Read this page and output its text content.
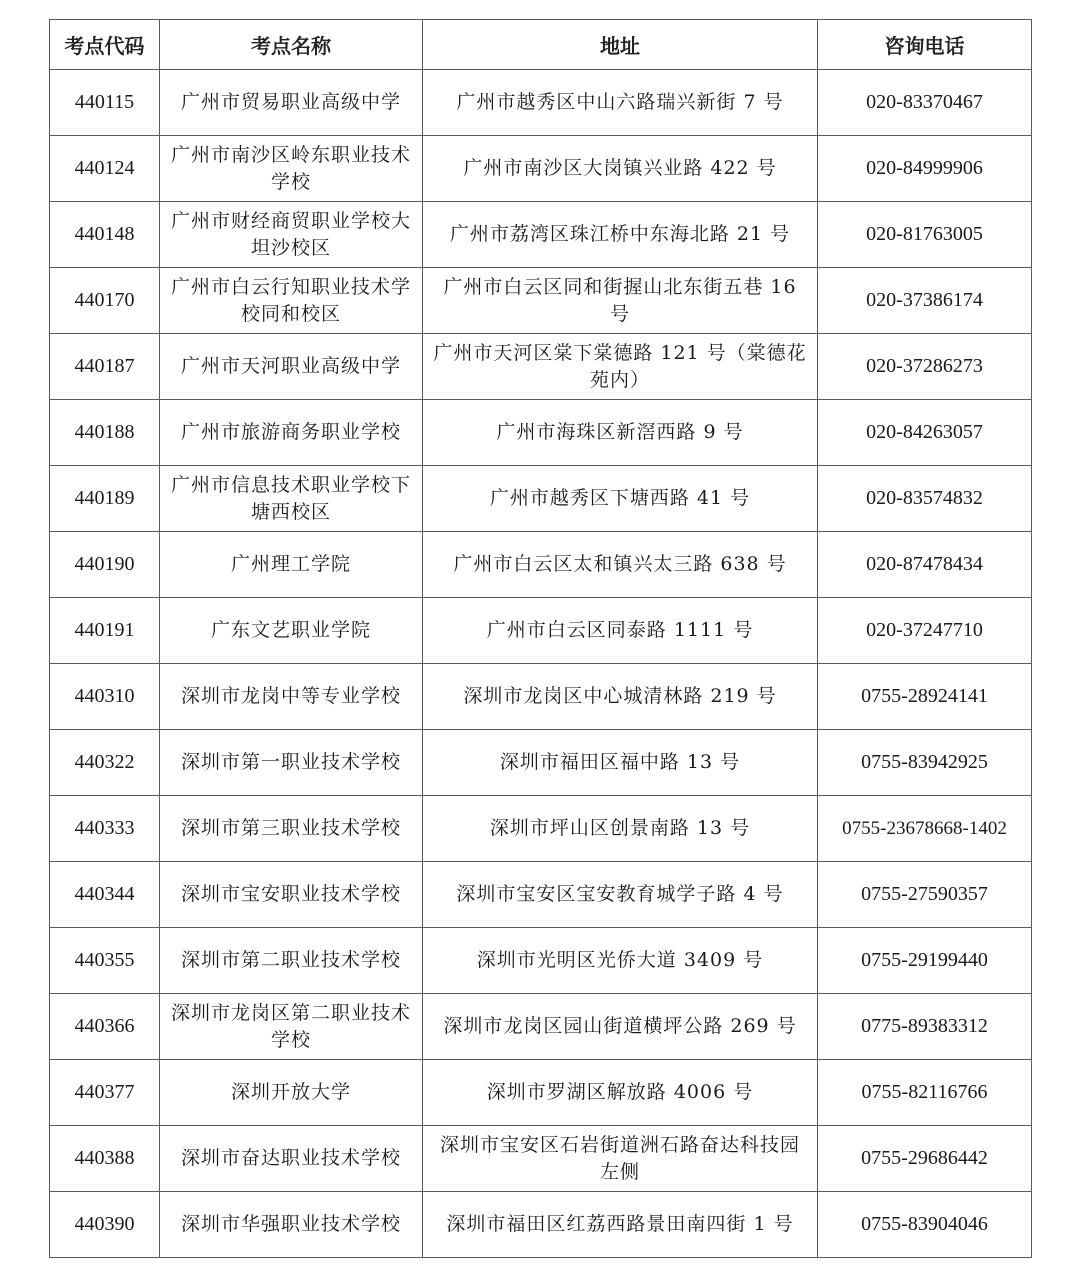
考点代码	考点名称	地址	咨询电话
440115	广州市贸易职业高级中学	广州市越秀区中山六路瑞兴新街 7 号	020-83370467
440124	广州市南沙区岭东职业技术学校	广州市南沙区大岗镇兴业路 422 号	020-84999906
440148	广州市财经商贸职业学校大坦沙校区	广州市荔湾区珠江桥中东海北路 21 号	020-81763005
440170	广州市白云行知职业技术学校同和校区	广州市白云区同和街握山北东街五巷 16 号	020-37386174
440187	广州市天河职业高级中学	广州市天河区棠下棠德路 121 号（棠德花苑内）	020-37286273
440188	广州市旅游商务职业学校	广州市海珠区新滘西路 9 号	020-84263057
440189	广州市信息技术职业学校下塘西校区	广州市越秀区下塘西路 41 号	020-83574832
440190	广州理工学院	广州市白云区太和镇兴太三路 638 号	020-87478434
440191	广东文艺职业学院	广州市白云区同泰路 1111 号	020-37247710
440310	深圳市龙岗中等专业学校	深圳市龙岗区中心城清林路 219 号	0755-28924141
440322	深圳市第一职业技术学校	深圳市福田区福中路 13 号	0755-83942925
440333	深圳市第三职业技术学校	深圳市坪山区创景南路 13 号	0755-23678668-1402
440344	深圳市宝安职业技术学校	深圳市宝安区宝安教育城学子路 4 号	0755-27590357
440355	深圳市第二职业技术学校	深圳市光明区光侨大道 3409 号	0755-29199440
440366	深圳市龙岗区第二职业技术学校	深圳市龙岗区园山街道横坪公路 269 号	0775-89383312
440377	深圳开放大学	深圳市罗湖区解放路 4006 号	0755-82116766
440388	深圳市奋达职业技术学校	深圳市宝安区石岩街道洲石路奋达科技园左侧	0755-29686442
440390	深圳市华强职业技术学校	深圳市福田区红荔西路景田南四街 1 号	0755-83904046
